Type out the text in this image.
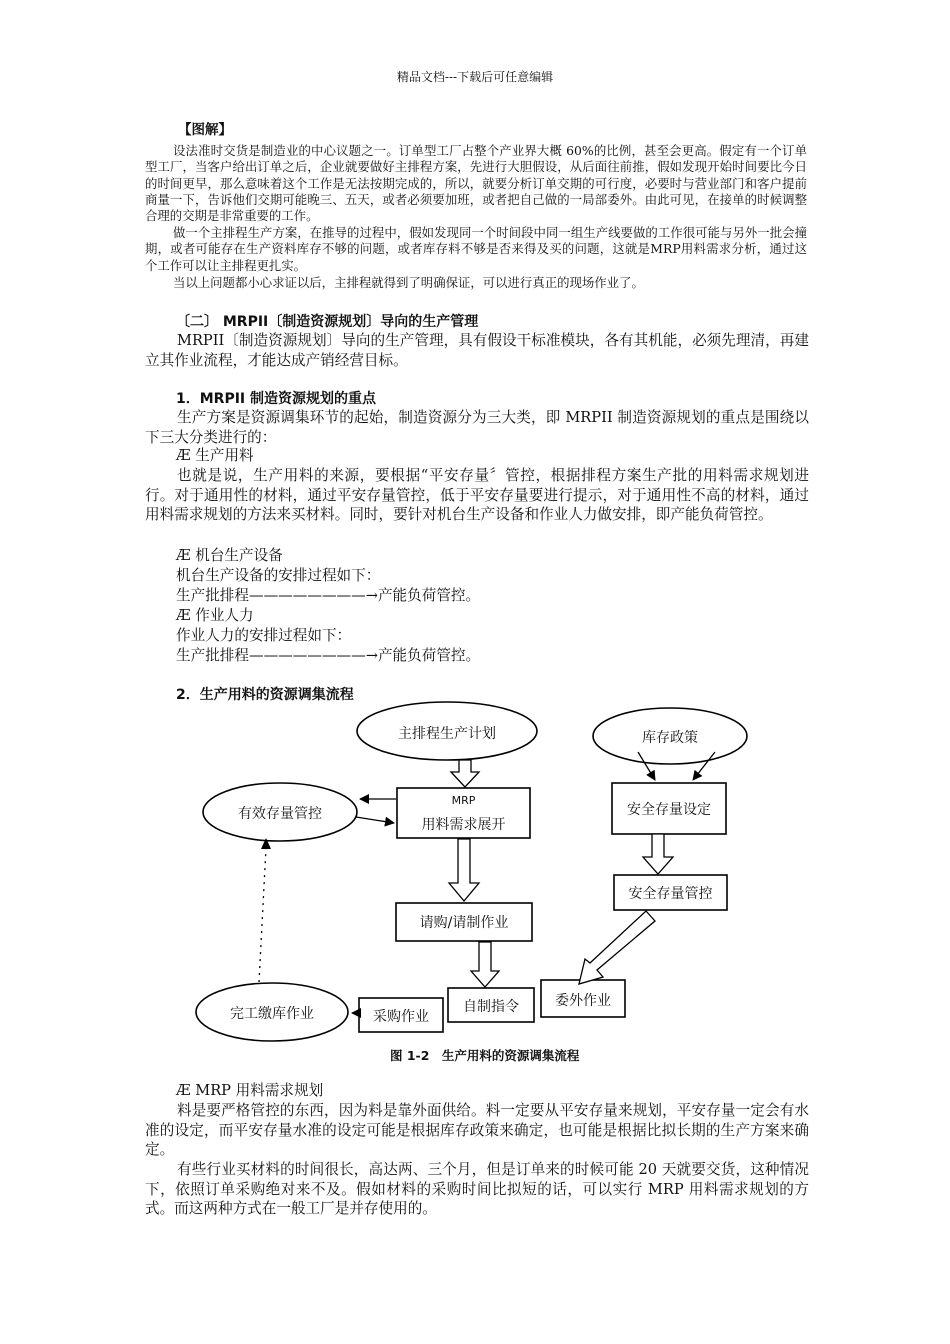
精品文档---下载后可任意编辑
【图解】
设法准时交货是制造业的中心议题之一。订单型工厂占整个产业界大概 60%的比例，甚至会更高。假定有一个订单型工厂，当客户给出订单之后，企业就要做好主排程方案，先进行大胆假设，从后面往前推，假如发现开始时间要比今日的时间更早，那么意味着这个工作是无法按期完成的，所以，就要分析订单交期的可行度，必要时与营业部门和客户提前商量一下，告诉他们交期可能晚三、五天，或者必须要加班，或者把自己做的一局部委外。由此可见，在接单的时候调整合理的交期是非常重要的工作。
做一个主排程生产方案，在推导的过程中，假如发现同一个时间段中同一组生产线要做的工作很可能与另外一批会撞期，或者可能存在生产资料库存不够的问题，或者库存料不够是否来得及买的问题，这就是MRP用料需求分析，通过这个工作可以让主排程更扎实。
当以上问题都小心求证以后，主排程就得到了明确保证，可以进行真正的现场作业了。
〔二〕 MRPII〔制造资源规划〕导向的生产管理
MRPII〔制造资源规划〕导向的生产管理，具有假设干标准模块，各有其机能，必须先理清，再建立其作业流程，才能达成产销经营目标。
1．MRPII 制造资源规划的重点
生产方案是资源调集环节的起始，制造资源分为三大类，即 MRPII 制造资源规划的重点是围绕以下三大分类进行的：
Æ 生产用料
也就是说，生产用料的来源，要根据“平安存量〞管控，根据排程方案生产批的用料需求规划进行。对于通用性的材料，通过平安存量管控，低于平安存量要进行提示，对于通用性不高的材料，通过用料需求规划的方法来买材料。同时，要针对机台生产设备和作业人力做安排，即产能负荷管控。
Æ 机台生产设备
机台生产设备的安排过程如下：
生产批排程————————→产能负荷管控。
Æ 作业人力
作业人力的安排过程如下：
生产批排程————————→产能负荷管控。
2．生产用料的资源调集流程
主排程生产计划	库存政策
有效存量管控
MRP
用料需求展开
安全存量设定
安全存量管控
请购/请制作业
自制指令	委外作业
采购作业
完工缴库作业
图 1-2　生产用料的资源调集流程
Æ MRP 用料需求规划
料是要严格管控的东西，因为料是靠外面供给。料一定要从平安存量来规划，平安存量一定会有水准的设定，而平安存量水准的设定可能是根据库存政策来确定，也可能是根据比拟长期的生产方案来确定。
有些行业买材料的时间很长，高达两、三个月，但是订单来的时候可能 20 天就要交货，这种情况下，依照订单采购绝对来不及。假如材料的采购时间比拟短的话，可以实行 MRP 用料需求规划的方式。而这两种方式在一般工厂是并存使用的。
